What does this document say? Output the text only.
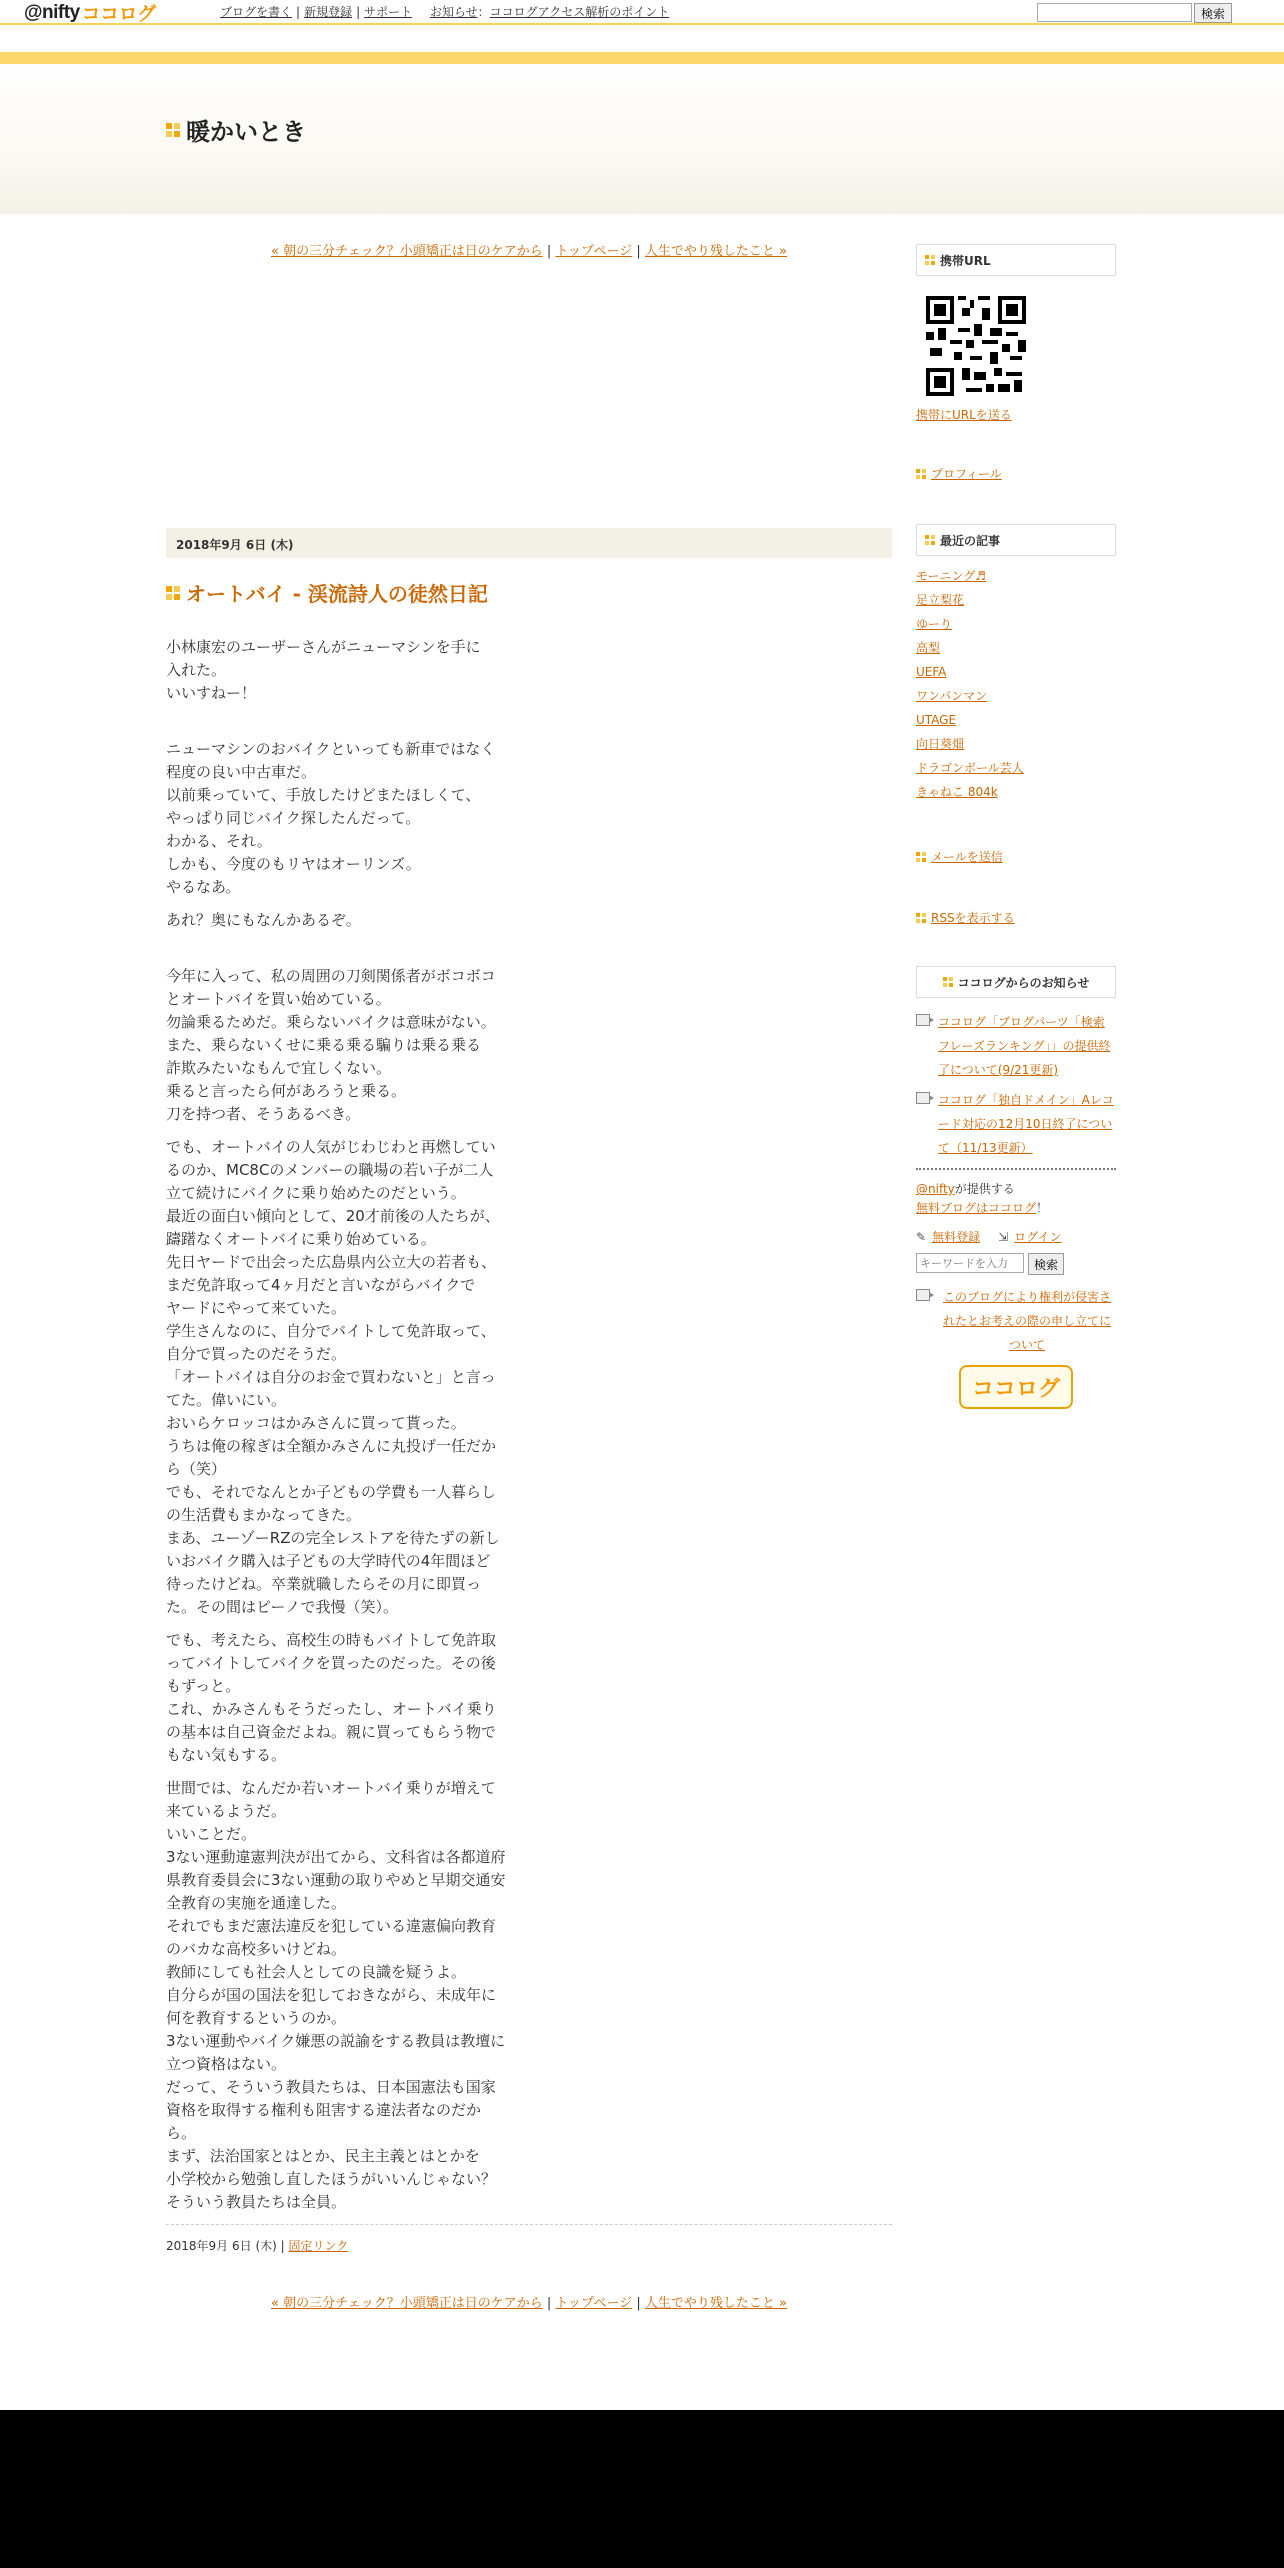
@nifty ココログ	ブログを書く | 新規登録 | サポート お知らせ：ココログアクセス解析のポイント	検索
暖かいとき
« 朝の三分チェック？小頭矯正は日のケアから | トップページ | 人生でやり残したこと »
2018年9月 6日 (木)
オートバイ - 渓流詩人の徒然日記

小林康宏のユーザーさんがニューマシンを手に
入れた。
いいすねー！

ニューマシンのおバイクといっても新車ではなく
程度の良い中古車だ。
以前乗っていて、手放したけどまたほしくて、
やっぱり同じバイク探したんだって。
わかる、それ。
しかも、今度のもリヤはオーリンズ。
やるなあ。

あれ？奥にもなんかあるぞ。

今年に入って、私の周囲の刀剣関係者がボコボコ
とオートバイを買い始めている。
勿論乗るためだ。乗らないバイクは意味がない。
また、乗らないくせに乗る乗る騙りは乗る乗る
詐欺みたいなもんで宜しくない。
乗ると言ったら何があろうと乗る。
刀を持つ者、そうあるべき。

でも、オートバイの人気がじわじわと再燃してい
るのか、MC8Cのメンバーの職場の若い子が二人
立て続けにバイクに乗り始めたのだという。
最近の面白い傾向として、20才前後の人たちが、
躊躇なくオートバイに乗り始めている。
先日ヤードで出会った広島県内公立大の若者も、
まだ免許取って4ヶ月だと言いながらバイクで
ヤードにやって来ていた。
学生さんなのに、自分でバイトして免許取って、
自分で買ったのだそうだ。
「オートバイは自分のお金で買わないと」と言っ
てた。偉いにい。
おいらケロッコはかみさんに買って貰った。
うちは俺の稼ぎは全額かみさんに丸投げ一任だか
ら（笑）
でも、それでなんとか子どもの学費も一人暮らし
の生活費もまかなってきた。
まあ、ユーゾーRZの完全レストアを待たずの新し
いおバイク購入は子どもの大学時代の4年間ほど
待ったけどね。卒業就職したらその月に即買っ
た。その間はピーノで我慢（笑）。

でも、考えたら、高校生の時もバイトして免許取
ってバイトしてバイクを買ったのだった。その後
もずっと。
これ、かみさんもそうだったし、オートバイ乗り
の基本は自己資金だよね。親に買ってもらう物で
もない気もする。

世間では、なんだか若いオートバイ乗りが増えて
来ているようだ。
いいことだ。
3ない運動違憲判決が出てから、文科省は各都道府
県教育委員会に3ない運動の取りやめと早期交通安
全教育の実施を通達した。
それでもまだ憲法違反を犯している違憲偏向教育
のバカな高校多いけどね。
教師にしても社会人としての良識を疑うよ。
自分らが国の国法を犯しておきながら、未成年に
何を教育するというのか。
3ない運動やバイク嫌悪の説諭をする教員は教壇に
立つ資格はない。
だって、そういう教員たちは、日本国憲法も国家
資格を取得する権利も阻害する違法者なのだか
ら。
まず、法治国家とはとか、民主主義とはとかを
小学校から勉強し直したほうがいいんじゃない？
そういう教員たちは全員。

2018年9月 6日 (木) | 固定リンク
« 朝の三分チェック？小頭矯正は日のケアから | トップページ | 人生でやり残したこと »
携帯URL
携帯にURLを送る
プロフィール
最近の記事
モーニング♬
足立梨花
ゆーり
高梨
UEFA
ワンパンマン
UTAGE
向日葵畑
ドラゴンボール芸人
きゃねこ 804k
メールを送信
RSSを表示する
ココログからのお知らせ
ココログ「ブログパーツ「検索フレーズランキング」」の提供終了について(9/21更新)
ココログ「独自ドメイン」Aレコード対応の12月10日終了について（11/13更新）
@niftyが提供する
無料ブログはココログ！
✎ 無料登録 ⇲ ログイン
キーワードを入力
検索
このブログにより権利が侵害されたとお考えの際の申し立てについて
ココログ
